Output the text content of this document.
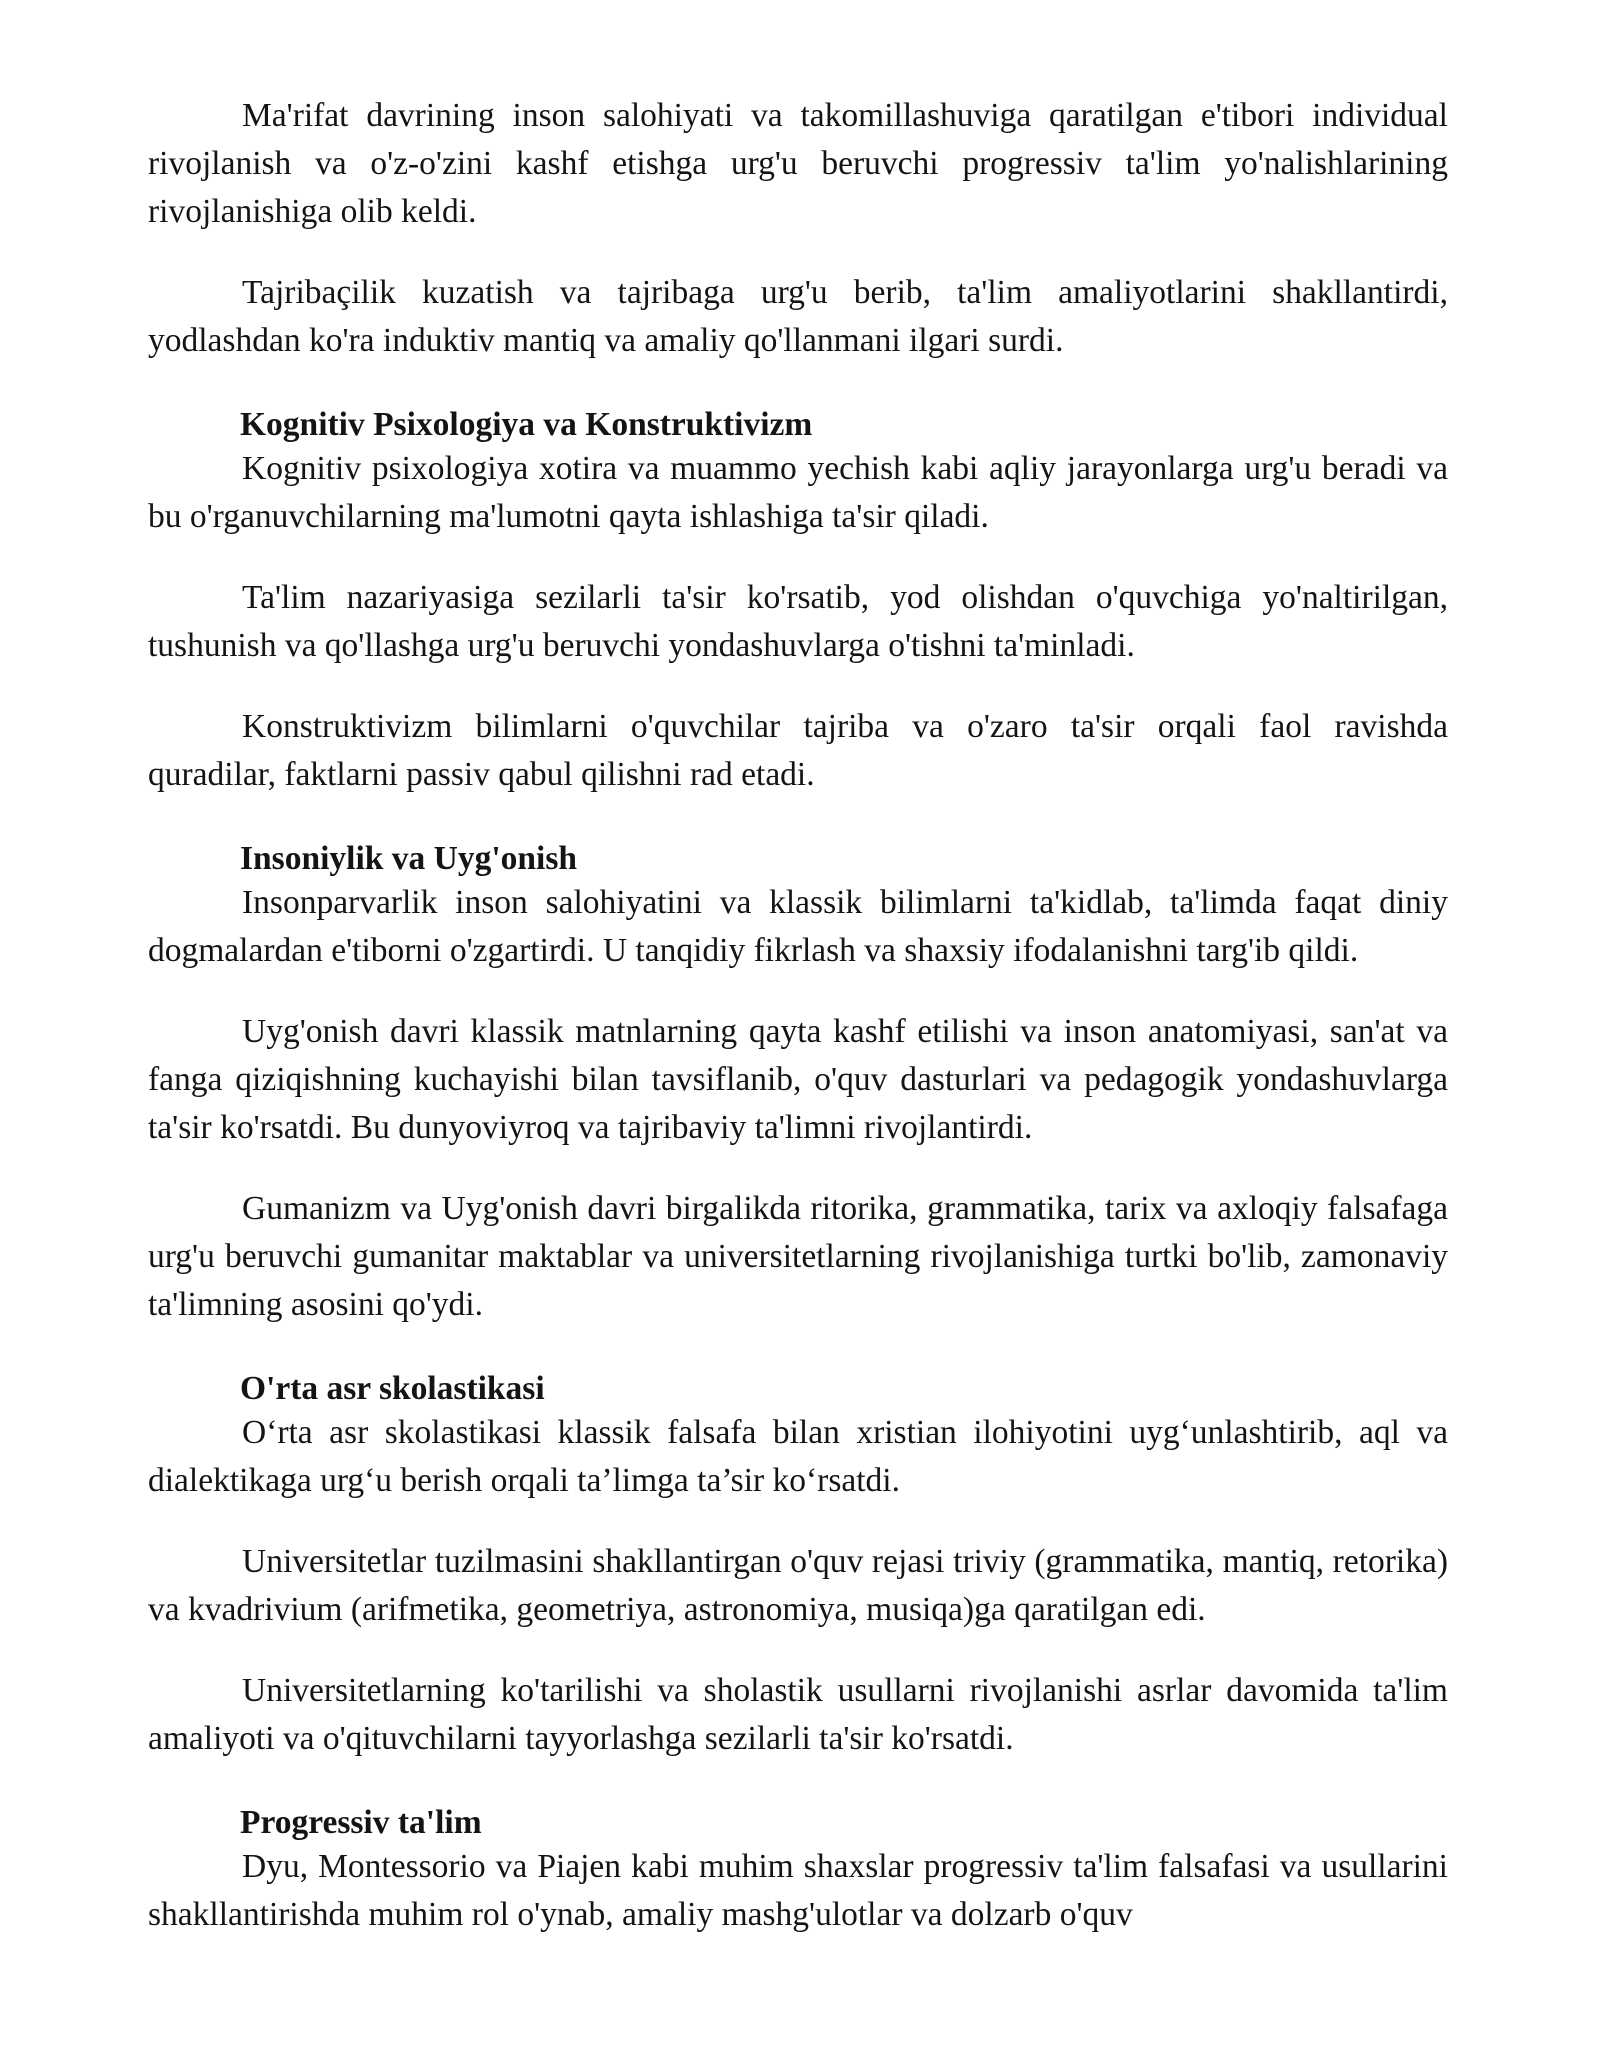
Ma'rifat davrining inson salohiyati va takomillashuviga qaratilgan e'tibori individual rivojlanish va o'z-o'zini kashf etishga urg'u beruvchi progressiv ta'lim yo'nalishlarining rivojlanishiga olib keldi.

Tajribaçilik kuzatish va tajribaga urg'u berib, ta'lim amaliyotlarini shakllantirdi, yodlashdan ko'ra induktiv mantiq va amaliy qo'llanmani ilgari surdi.

Kognitiv Psixologiya va Konstruktivizm

Kognitiv psixologiya xotira va muammo yechish kabi aqliy jarayonlarga urg'u beradi va bu o'rganuvchilarning ma'lumotni qayta ishlashiga ta'sir qiladi.

Ta'lim nazariyasiga sezilarli ta'sir ko'rsatib, yod olishdan o'quvchiga yo'naltirilgan, tushunish va qo'llashga urg'u beruvchi yondashuvlarga o'tishni ta'minladi.

Konstruktivizm bilimlarni o'quvchilar tajriba va o'zaro ta'sir orqali faol ravishda quradilar, faktlarni passiv qabul qilishni rad etadi.

Insoniylik va Uyg'onish

Insonparvarlik inson salohiyatini va klassik bilimlarni ta'kidlab, ta'limda faqat diniy dogmalardan e'tiborni o'zgartirdi. U tanqidiy fikrlash va shaxsiy ifodalanishni targ'ib qildi.

Uyg'onish davri klassik matnlarning qayta kashf etilishi va inson anatomiyasi, san'at va fanga qiziqishning kuchayishi bilan tavsiflanib, o'quv dasturlari va pedagogik yondashuvlarga ta'sir ko'rsatdi. Bu dunyoviyroq va tajribaviy ta'limni rivojlantirdi.

Gumanizm va Uyg'onish davri birgalikda ritorika, grammatika, tarix va axloqiy falsafaga urg'u beruvchi gumanitar maktablar va universitetlarning rivojlanishiga turtki bo'lib, zamonaviy ta'limning asosini qo'ydi.

O'rta asr skolastikasi

O‘rta asr skolastikasi klassik falsafa bilan xristian ilohiyotini uyg‘unlashtirib, aql va dialektikaga urg‘u berish orqali ta’limga ta’sir ko‘rsatdi.

Universitetlar tuzilmasini shakllantirgan o'quv rejasi triviy (grammatika, mantiq, retorika) va kvadrivium (arifmetika, geometriya, astronomiya, musiqa)ga qaratilgan edi.

Universitetlarning ko'tarilishi va sholastik usullarni rivojlanishi asrlar davomida ta'lim amaliyoti va o'qituvchilarni tayyorlashga sezilarli ta'sir ko'rsatdi.

Progressiv ta'lim

Dyu, Montessorio va Piajen kabi muhim shaxslar progressiv ta'lim falsafasi va usullarini shakllantirishda muhim rol o'ynab, amaliy mashg'ulotlar va dolzarb o'quv
